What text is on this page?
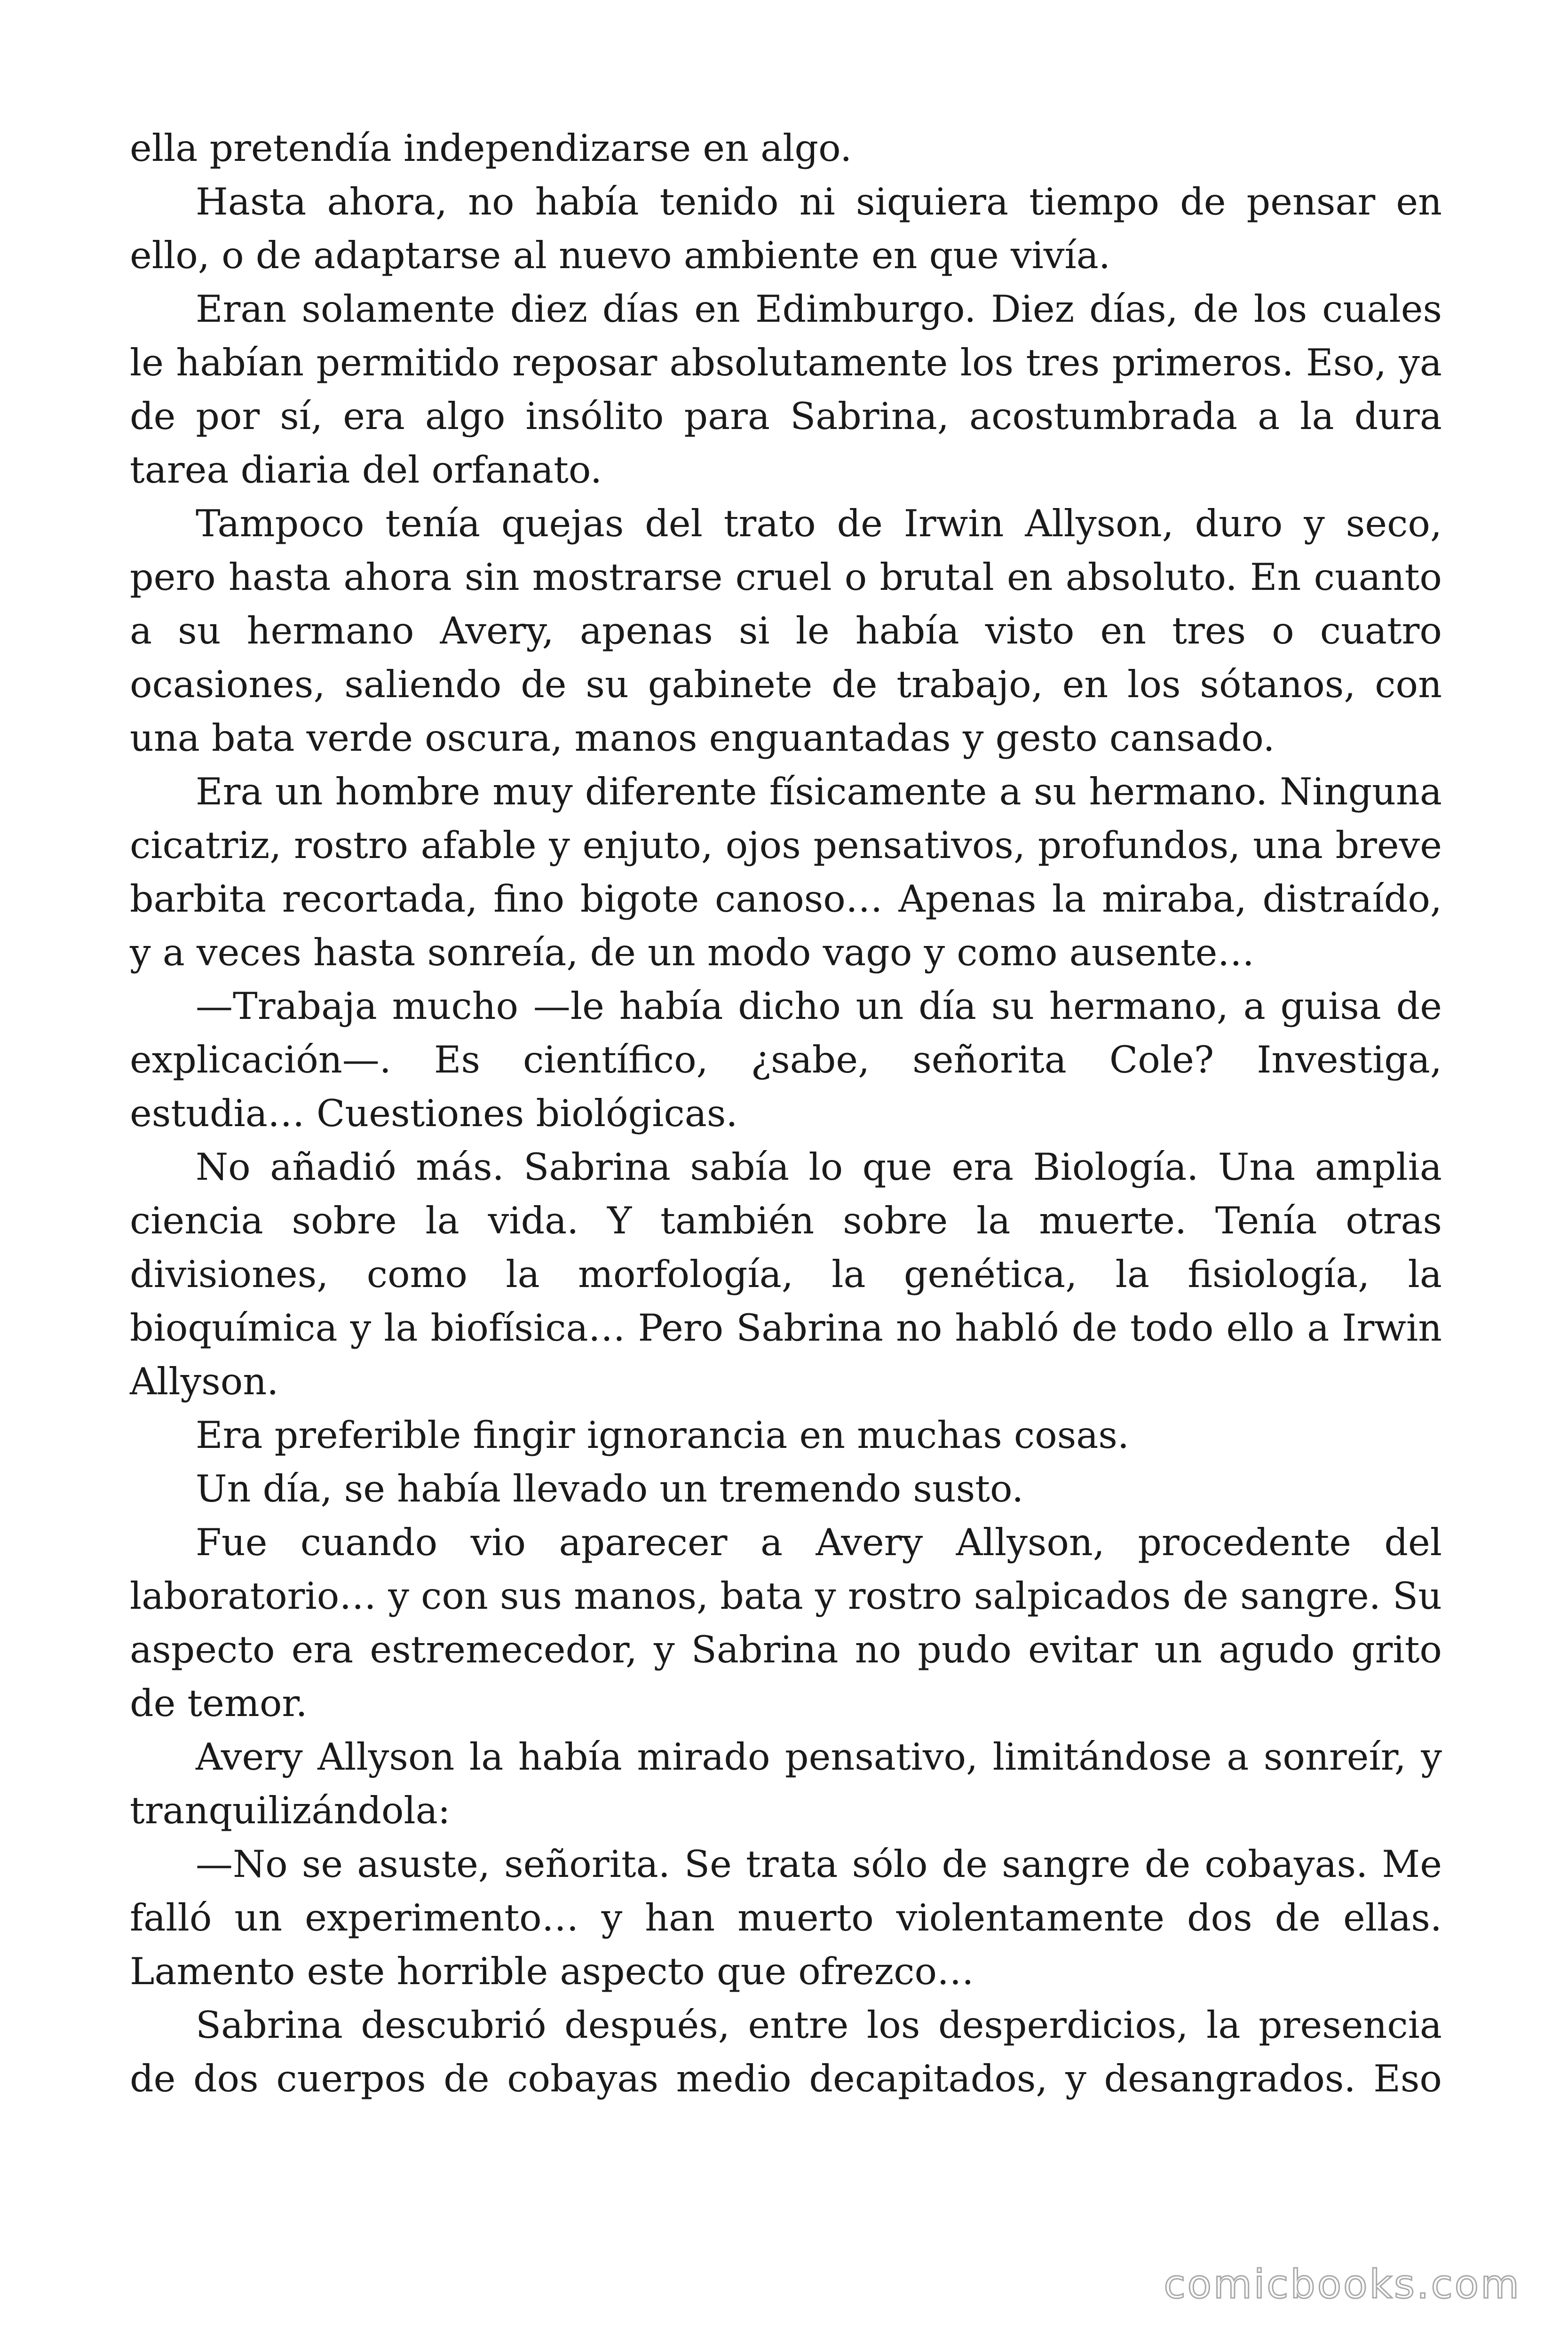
ella pretendía independizarse en algo.

Hasta ahora, no había tenido ni siquiera tiempo de pensar en ello, o de adaptarse al nuevo ambiente en que vivía.

Eran solamente diez días en Edimburgo. Diez días, de los cuales le habían permitido reposar absolutamente los tres primeros. Eso, ya de por sí, era algo insólito para Sabrina, acostumbrada a la dura tarea diaria del orfanato.

Tampoco tenía quejas del trato de Irwin Allyson, duro y seco, pero hasta ahora sin mostrarse cruel o brutal en absoluto. En cuanto a su hermano Avery, apenas si le había visto en tres o cuatro ocasiones, saliendo de su gabinete de trabajo, en los sótanos, con una bata verde oscura, manos enguantadas y gesto cansado.

Era un hombre muy diferente físicamente a su hermano. Ninguna cicatriz, rostro afable y enjuto, ojos pensativos, profundos, una breve barbita recortada, fino bigote canoso… Apenas la miraba, distraído, y a veces hasta sonreía, de un modo vago y como ausente…

—Trabaja mucho —le había dicho un día su hermano, a guisa de explicación—. Es científico, ¿sabe, señorita Cole? Investiga, estudia… Cuestiones biológicas.

No añadió más. Sabrina sabía lo que era Biología. Una amplia ciencia sobre la vida. Y también sobre la muerte. Tenía otras divisiones, como la morfología, la genética, la fisiología, la bioquímica y la biofísica… Pero Sabrina no habló de todo ello a Irwin Allyson.

Era preferible fingir ignorancia en muchas cosas.

Un día, se había llevado un tremendo susto.

Fue cuando vio aparecer a Avery Allyson, procedente del laboratorio… y con sus manos, bata y rostro salpicados de sangre. Su aspecto era estremecedor, y Sabrina no pudo evitar un agudo grito de temor.

Avery Allyson la había mirado pensativo, limitándose a sonreír, y tranquilizándola:

—No se asuste, señorita. Se trata sólo de sangre de cobayas. Me falló un experimento… y han muerto violentamente dos de ellas. Lamento este horrible aspecto que ofrezco…

Sabrina descubrió después, entre los desperdicios, la presencia de dos cuerpos de cobayas medio decapitados, y desangrados. Eso

comicbooks.com
